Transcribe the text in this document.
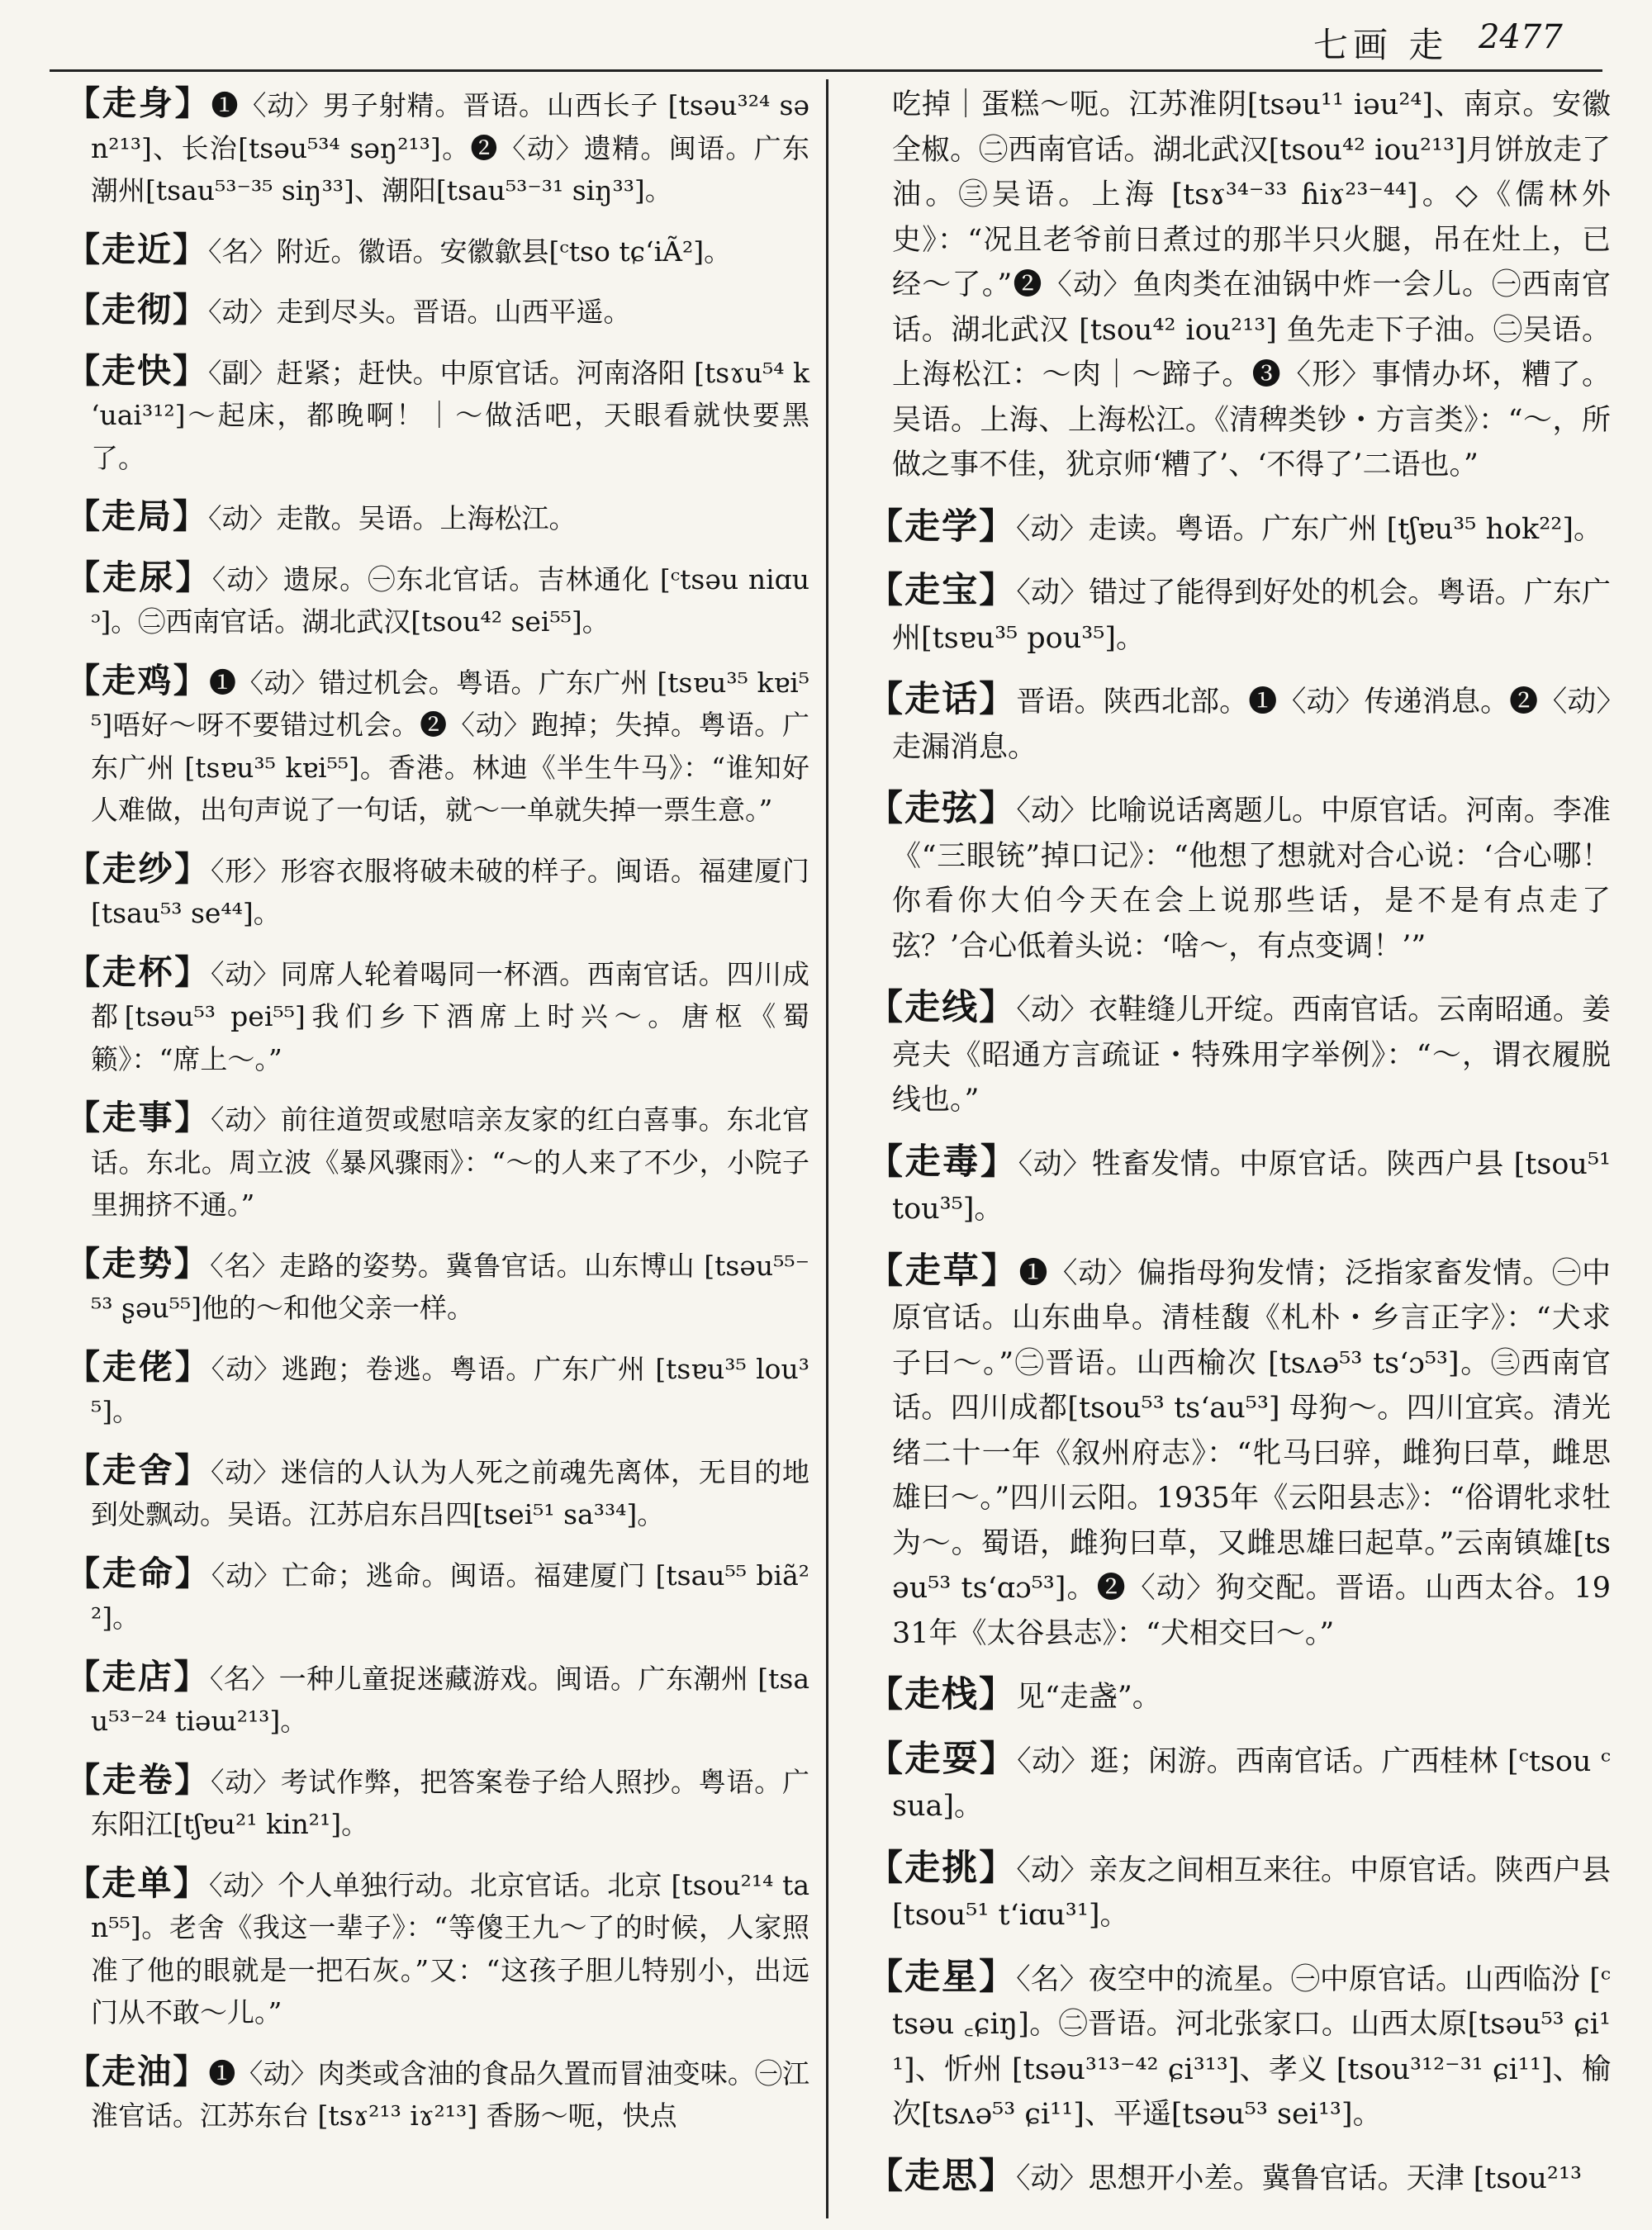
七画 走 2477

【走身】❶〈动〉男子射精。晋语。山西长子 [tsəu³²⁴ sən²¹³]、长治[tsəu⁵³⁴ səŋ²¹³]。❷〈动〉遗精。闽语。广东潮州[tsau⁵³⁻³⁵ siŋ³³]、潮阳[tsau⁵³⁻³¹ siŋ³³]。

【走近】〈名〉附近。徽语。安徽歙县[ᶜtso tɕʻiÃ²]。

【走彻】〈动〉走到尽头。晋语。山西平遥。

【走快】〈副〉赶紧；赶快。中原官话。河南洛阳 [tsɤu⁵⁴ kʻuai³¹²]～起床，都晚啊！｜～做活吧，天眼看就快要黑了。

【走局】〈动〉走散。吴语。上海松江。

【走尿】〈动〉遗尿。㊀东北官话。吉林通化 [ᶜtsəu niɑuᵓ]。㊁西南官话。湖北武汉[tsou⁴² sei⁵⁵]。

【走鸡】❶〈动〉错过机会。粤语。广东广州 [tsɐu³⁵ kɐi⁵⁵]唔好～呀不要错过机会。❷〈动〉跑掉；失掉。粤语。广东广州 [tsɐu³⁵ kɐi⁵⁵]。香港。林迪《半生牛马》：“谁知好人难做，出句声说了一句话，就～一单就失掉一票生意。”

【走纱】〈形〉形容衣服将破未破的样子。闽语。福建厦门[tsau⁵³ se⁴⁴]。

【走杯】〈动〉同席人轮着喝同一杯酒。西南官话。四川成都[tsəu⁵³ pei⁵⁵]我们乡下酒席上时兴～。唐枢《蜀籁》：“席上～。”

【走事】〈动〉前往道贺或慰唁亲友家的红白喜事。东北官话。东北。周立波《暴风骤雨》：“～的人来了不少，小院子里拥挤不通。”

【走势】〈名〉走路的姿势。冀鲁官话。山东博山 [tsəu⁵⁵⁻⁵³ ʂəu⁵⁵]他的～和他父亲一样。

【走佬】〈动〉逃跑；卷逃。粤语。广东广州 [tsɐu³⁵ lou³⁵]。

【走舍】〈动〉迷信的人认为人死之前魂先离体，无目的地到处飘动。吴语。江苏启东吕四[tsei⁵¹ sa³³⁴]。

【走命】〈动〉亡命；逃命。闽语。福建厦门 [tsau⁵⁵ biã²²]。

【走店】〈名〉一种儿童捉迷藏游戏。闽语。广东潮州 [tsau⁵³⁻²⁴ tiəɯ²¹³]。

【走卷】〈动〉考试作弊，把答案卷子给人照抄。粤语。广东阳江[tʃɐu²¹ kin²¹]。

【走单】〈动〉个人单独行动。北京官话。北京 [tsou²¹⁴ tan⁵⁵]。老舍《我这一辈子》：“等傻王九～了的时候，人家照准了他的眼就是一把石灰。”又：“这孩子胆儿特别小，出远门从不敢～儿。”

【走油】❶〈动〉肉类或含油的食品久置而冒油变味。㊀江淮官话。江苏东台 [tsɤ²¹³ iɤ²¹³] 香肠～呃，快点

吃掉｜蛋糕～呃。江苏淮阴[tsəu¹¹ iəu²⁴]、南京。安徽全椒。㊁西南官话。湖北武汉[tsou⁴² iou²¹³]月饼放走了油。㊂吴语。上海 [tsɤ³⁴⁻³³ ɦiɤ²³⁻⁴⁴]。◇《儒林外史》：“况且老爷前日煮过的那半只火腿，吊在灶上，已经～了。”❷〈动〉鱼肉类在油锅中炸一会儿。㊀西南官话。湖北武汉 [tsou⁴² iou²¹³] 鱼先走下子油。㊁吴语。上海松江：～肉｜～蹄子。❸〈形〉事情办坏，糟了。吴语。上海、上海松江。《清稗类钞・方言类》：“～，所做之事不佳，犹京师‘糟了’、‘不得了’二语也。”

【走学】〈动〉走读。粤语。广东广州 [tʃɐu³⁵ hok²²]。

【走宝】〈动〉错过了能得到好处的机会。粤语。广东广州[tsɐu³⁵ pou³⁵]。

【走话】晋语。陕西北部。❶〈动〉传递消息。❷〈动〉走漏消息。

【走弦】〈动〉比喻说话离题儿。中原官话。河南。李准《“三眼铳”掉口记》：“他想了想就对合心说：‘合心哪！你看你大伯今天在会上说那些话，是不是有点走了弦？’合心低着头说：‘啥～，有点变调！’”

【走线】〈动〉衣鞋缝儿开绽。西南官话。云南昭通。姜亮夫《昭通方言疏证・特殊用字举例》：“～，谓衣履脱线也。”

【走毒】〈动〉牲畜发情。中原官话。陕西户县 [tsou⁵¹ tou³⁵]。

【走草】❶〈动〉偏指母狗发情；泛指家畜发情。㊀中原官话。山东曲阜。清桂馥《札朴・乡言正字》：“犬求子曰～。”㊁晋语。山西榆次 [tsʌə⁵³ tsʻɔ⁵³]。㊂西南官话。四川成都[tsou⁵³ tsʻau⁵³] 母狗～。四川宜宾。清光绪二十一年《叙州府志》：“牝马曰骍，雌狗曰草，雌思雄曰～。”四川云阳。1935年《云阳县志》：“俗谓牝求牡为～。蜀语，雌狗曰草，又雌思雄曰起草。”云南镇雄[tsəu⁵³ tsʻɑɔ⁵³]。❷〈动〉狗交配。晋语。山西太谷。1931年《太谷县志》：“犬相交曰～。”

【走栈】见“走盏”。

【走耍】〈动〉逛；闲游。西南官话。广西桂林 [ᶜtsou ᶜsua]。

【走挑】〈动〉亲友之间相互来往。中原官话。陕西户县[tsou⁵¹ tʻiɑu³¹]。

【走星】〈名〉夜空中的流星。㊀中原官话。山西临汾 [ᶜtsəu ꜀ɕiŋ]。㊁晋语。河北张家口。山西太原[tsəu⁵³ ɕi¹¹]、忻州 [tsəu³¹³⁻⁴² ɕi³¹³]、孝义 [tsou³¹²⁻³¹ ɕi¹¹]、榆次[tsʌə⁵³ ɕi¹¹]、平遥[tsəu⁵³ sei¹³]。

【走思】〈动〉思想开小差。冀鲁官话。天津 [tsou²¹³
